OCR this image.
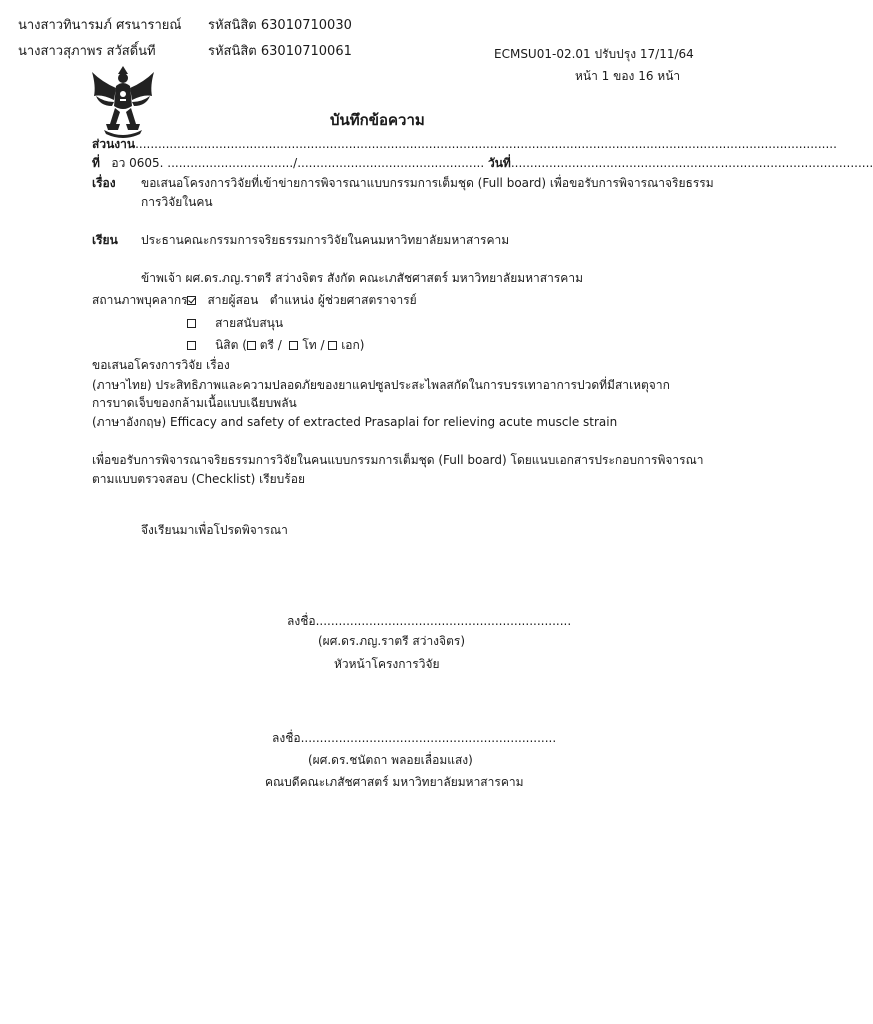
นางสาวทินารมภ์ ศรนารายณ์ รหัสนิสิต 63010710030
นางสาวสุภาพร สวัสดิ์นที	รหัสนิสิต 63010710061	ECMSU01-02.01 ปรับปรุง 17/11/64
หน้า 1 ของ 16 หน้า
บันทึกข้อความ
ส่วนงาน........................................................................................................................................................................................
ที่ อว 0605. ................................./................................................. วันที่...............................................................................................
เรื่อง ขอเสนอโครงการวิจัยที่เข้าข่ายการพิจารณาแบบกรรมการเต็มชุด (Full board) เพื่อขอรับการพิจารณาจริยธรรม
การวิจัยในคน
เรียน ประธานคณะกรรมการจริยธรรมการวิจัยในคนมหาวิทยาลัยมหาสารคาม
ข้าพเจ้า ผศ.ดร.ภญ.ราตรี สว่างจิตร สังกัด คณะเภสัชศาสตร์ มหาวิทยาลัยมหาสารคาม
สถานภาพบุคลากร	สายผู้สอน ตำแหน่ง ผู้ช่วยศาสตราจารย์
สายสนับสนุน
นิสิต ( ตรี / โท / เอก)
ขอเสนอโครงการวิจัย เรื่อง
(ภาษาไทย) ประสิทธิภาพและความปลอดภัยของยาแคปซูลประสะไพลสกัดในการบรรเทาอาการปวดที่มีสาเหตุจาก
การบาดเจ็บของกล้ามเนื้อแบบเฉียบพลัน
(ภาษาอังกฤษ) Efficacy and safety of extracted Prasaplai for relieving acute muscle strain
เพื่อขอรับการพิจารณาจริยธรรมการวิจัยในคนแบบกรรมการเต็มชุด (Full board) โดยแนบเอกสารประกอบการพิจารณา
ตามแบบตรวจสอบ (Checklist) เรียบร้อย
จึงเรียนมาเพื่อโปรดพิจารณา
ลงชื่อ...................................................................
(ผศ.ดร.ภญ.ราตรี สว่างจิตร)
หัวหน้าโครงการวิจัย
ลงชื่อ...................................................................
(ผศ.ดร.ชนัตถา พลอยเลื่อมแสง)
คณบดีคณะเภสัชศาสตร์ มหาวิทยาลัยมหาสารคาม
